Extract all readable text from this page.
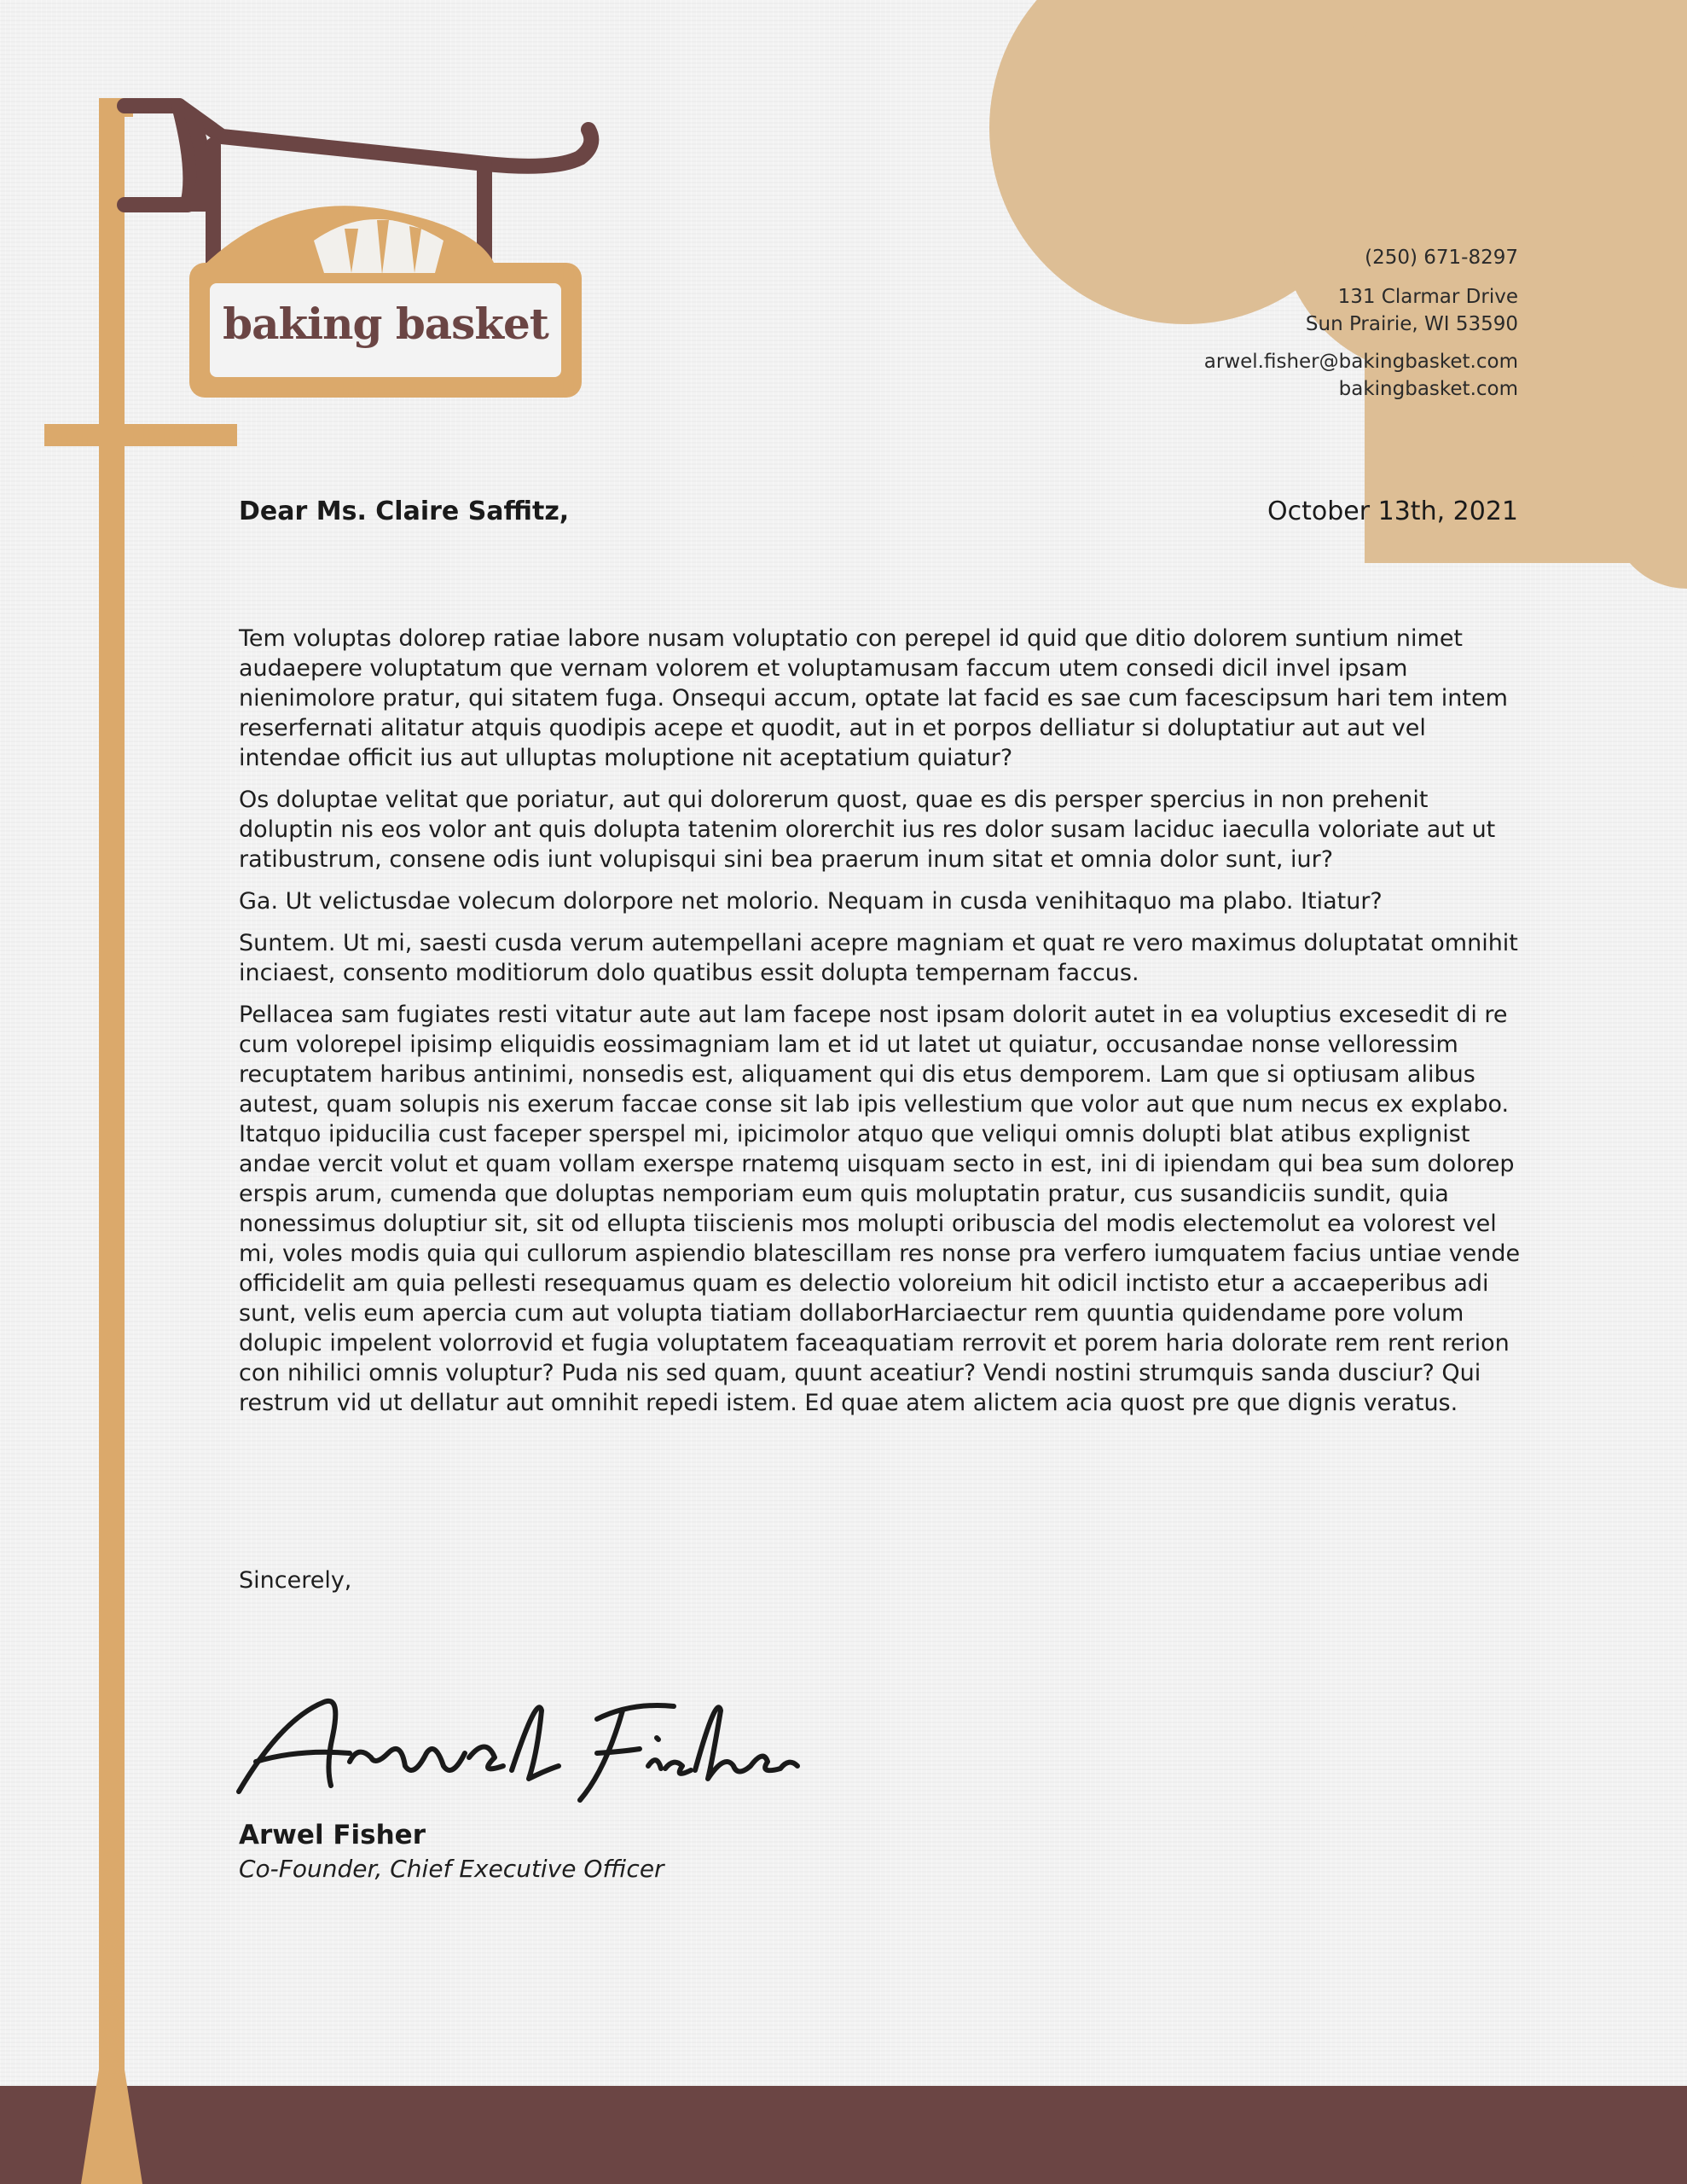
baking basket
(250) 671-8297
131 Clarmar Drive
Sun Prairie, WI 53590
arwel.fisher@bakingbasket.com
bakingbasket.com
Dear Ms. Claire Saffitz,	October 13th, 2021

Tem voluptas dolorep ratiae labore nusam voluptatio con perepel id quid que ditio dolorem suntium nimet audaepere voluptatum que vernam volorem et voluptamusam faccum utem consedi dicil invel ipsam nienimolore pratur, qui sitatem fuga. Onsequi accum, optate lat facid es sae cum facescipsum hari tem intem reserfernati alitatur atquis quodipis acepe et quodit, aut in et porpos delliatur si doluptatiur aut aut vel intendae officit ius aut ulluptas moluptione nit aceptatium quiatur?

Os doluptae velitat que poriatur, aut qui dolorerum quost, quae es dis persper spercius in non prehenit doluptin nis eos volor ant quis dolupta tatenim olorerchit ius res dolor susam laciduc iaeculla voloriate aut ut ratibustrum, consene odis iunt volupisqui sini bea praerum inum sitat et omnia dolor sunt, iur?

Ga. Ut velictusdae volecum dolorpore net molorio. Nequam in cusda venihitaquo ma plabo. Itiatur?

Suntem. Ut mi, saesti cusda verum autempellani acepre magniam et quat re vero maximus doluptatat omnihit inciaest, consento moditiorum dolo quatibus essit dolupta tempernam faccus.

Pellacea sam fugiates resti vitatur aute aut lam facepe nost ipsam dolorit autet in ea voluptius excesedit di re cum volorepel ipisimp eliquidis eossimagniam lam et id ut latet ut quiatur, occusandae nonse velloressim recuptatem haribus antinimi, nonsedis est, aliquament qui dis etus demporem. Lam que si optiusam alibus autest, quam solupis nis exerum faccae conse sit lab ipis vellestium que volor aut que num necus ex explabo. Itatquo ipiducilia cust faceper sperspel mi, ipicimolor atquo que veliqui omnis dolupti blat atibus explignist andae vercit volut et quam vollam exerspe rnatemq uisquam secto in est, ini di ipiendam qui bea sum dolorep erspis arum, cumenda que doluptas nemporiam eum quis moluptatin pratur, cus susandiciis sundit, quia nonessimus doluptiur sit, sit od ellupta tiiscienis mos molupti oribuscia del modis electemolut ea volorest vel mi, voles modis quia qui cullorum aspiendio blatescillam res nonse pra verfero iumquatem facius untiae vende officidelit am quia pellesti resequamus quam es delectio voloreium hit odicil inctisto etur a accaeperibus adi sunt, velis eum apercia cum aut volupta tiatiam dollaborHarciaectur rem quuntia quidendame pore volum dolupic impelent volorrovid et fugia voluptatem faceaquatiam rerrovit et porem haria dolorate rem rent rerion con nihilici omnis voluptur? Puda nis sed quam, quunt aceatiur? Vendi nostini strumquis sanda dusciur? Qui restrum vid ut dellatur aut omnihit repedi istem. Ed quae atem alictem acia quost pre que dignis veratus.

Sincerely,
Arwel Fisher
Co-Founder, Chief Executive Officer
